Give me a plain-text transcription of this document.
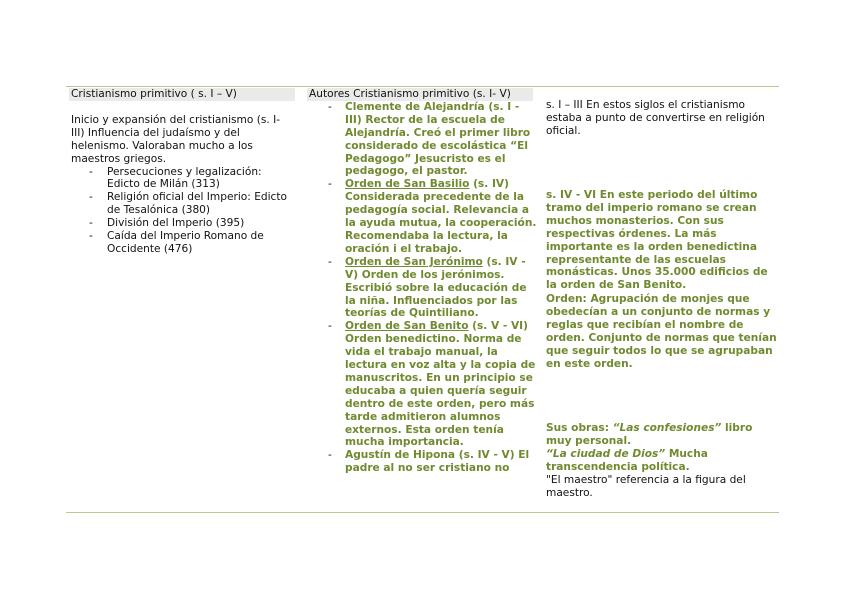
Cristianismo primitivo ( s. I – V)

Inicio y expansión del cristianismo (s. I-III) Influencia del judaísmo y del helenismo. Valoraban mucho a los maestros griegos.

- Persecuciones y legalización: Edicto de Milán (313)
- Religión oficial del Imperio: Edicto de Tesalónica (380)
- División del Imperio (395)
- Caída del Imperio Romano de Occidente (476)
Autores Cristianismo primitivo (s. I- V)
- Clemente de Alejandría (s. I - III) Rector de la escuela de Alejandría. Creó el primer libro considerado de escolástica “El Pedagogo” Jesucristo es el pedagogo, el pastor.
- Orden de San Basilio (s. IV) Considerada precedente de la pedagogía social. Relevancia a la ayuda mutua, la cooperación. Recomendaba la lectura, la oración i el trabajo.
- Orden de San Jerónimo (s. IV - V) Orden de los jerónimos. Escribió sobre la educación de la niña. Influenciados por las teorías de Quintiliano.
- Orden de San Benito (s. V - VI) Orden benedictino. Norma de vida el trabajo manual, la lectura en voz alta y la copia de manuscritos. En un principio se educaba a quien quería seguir dentro de este orden, pero más tarde admitieron alumnos externos. Esta orden tenía mucha importancia.
- Agustín de Hipona (s. IV - V) El padre al no ser cristiano no

s. I – III En estos siglos el cristianismo estaba a punto de convertirse en religión oficial.

s. IV - VI En este periodo del último tramo del imperio romano se crean muchos monasterios. Con sus respectivas órdenes. La más importante es la orden benedictina representante de las escuelas monásticas. Unos 35.000 edificios de la orden de San Benito.

Orden: Agrupación de monjes que obedecían a un conjunto de normas y reglas que recibían el nombre de orden. Conjunto de normas que tenían que seguir todos lo que se agrupaban en este orden.

Sus obras: “Las confesiones” libro muy personal.
“La ciudad de Dios” Mucha transcendencia política.

"El maestro" referencia a la figura del maestro.
